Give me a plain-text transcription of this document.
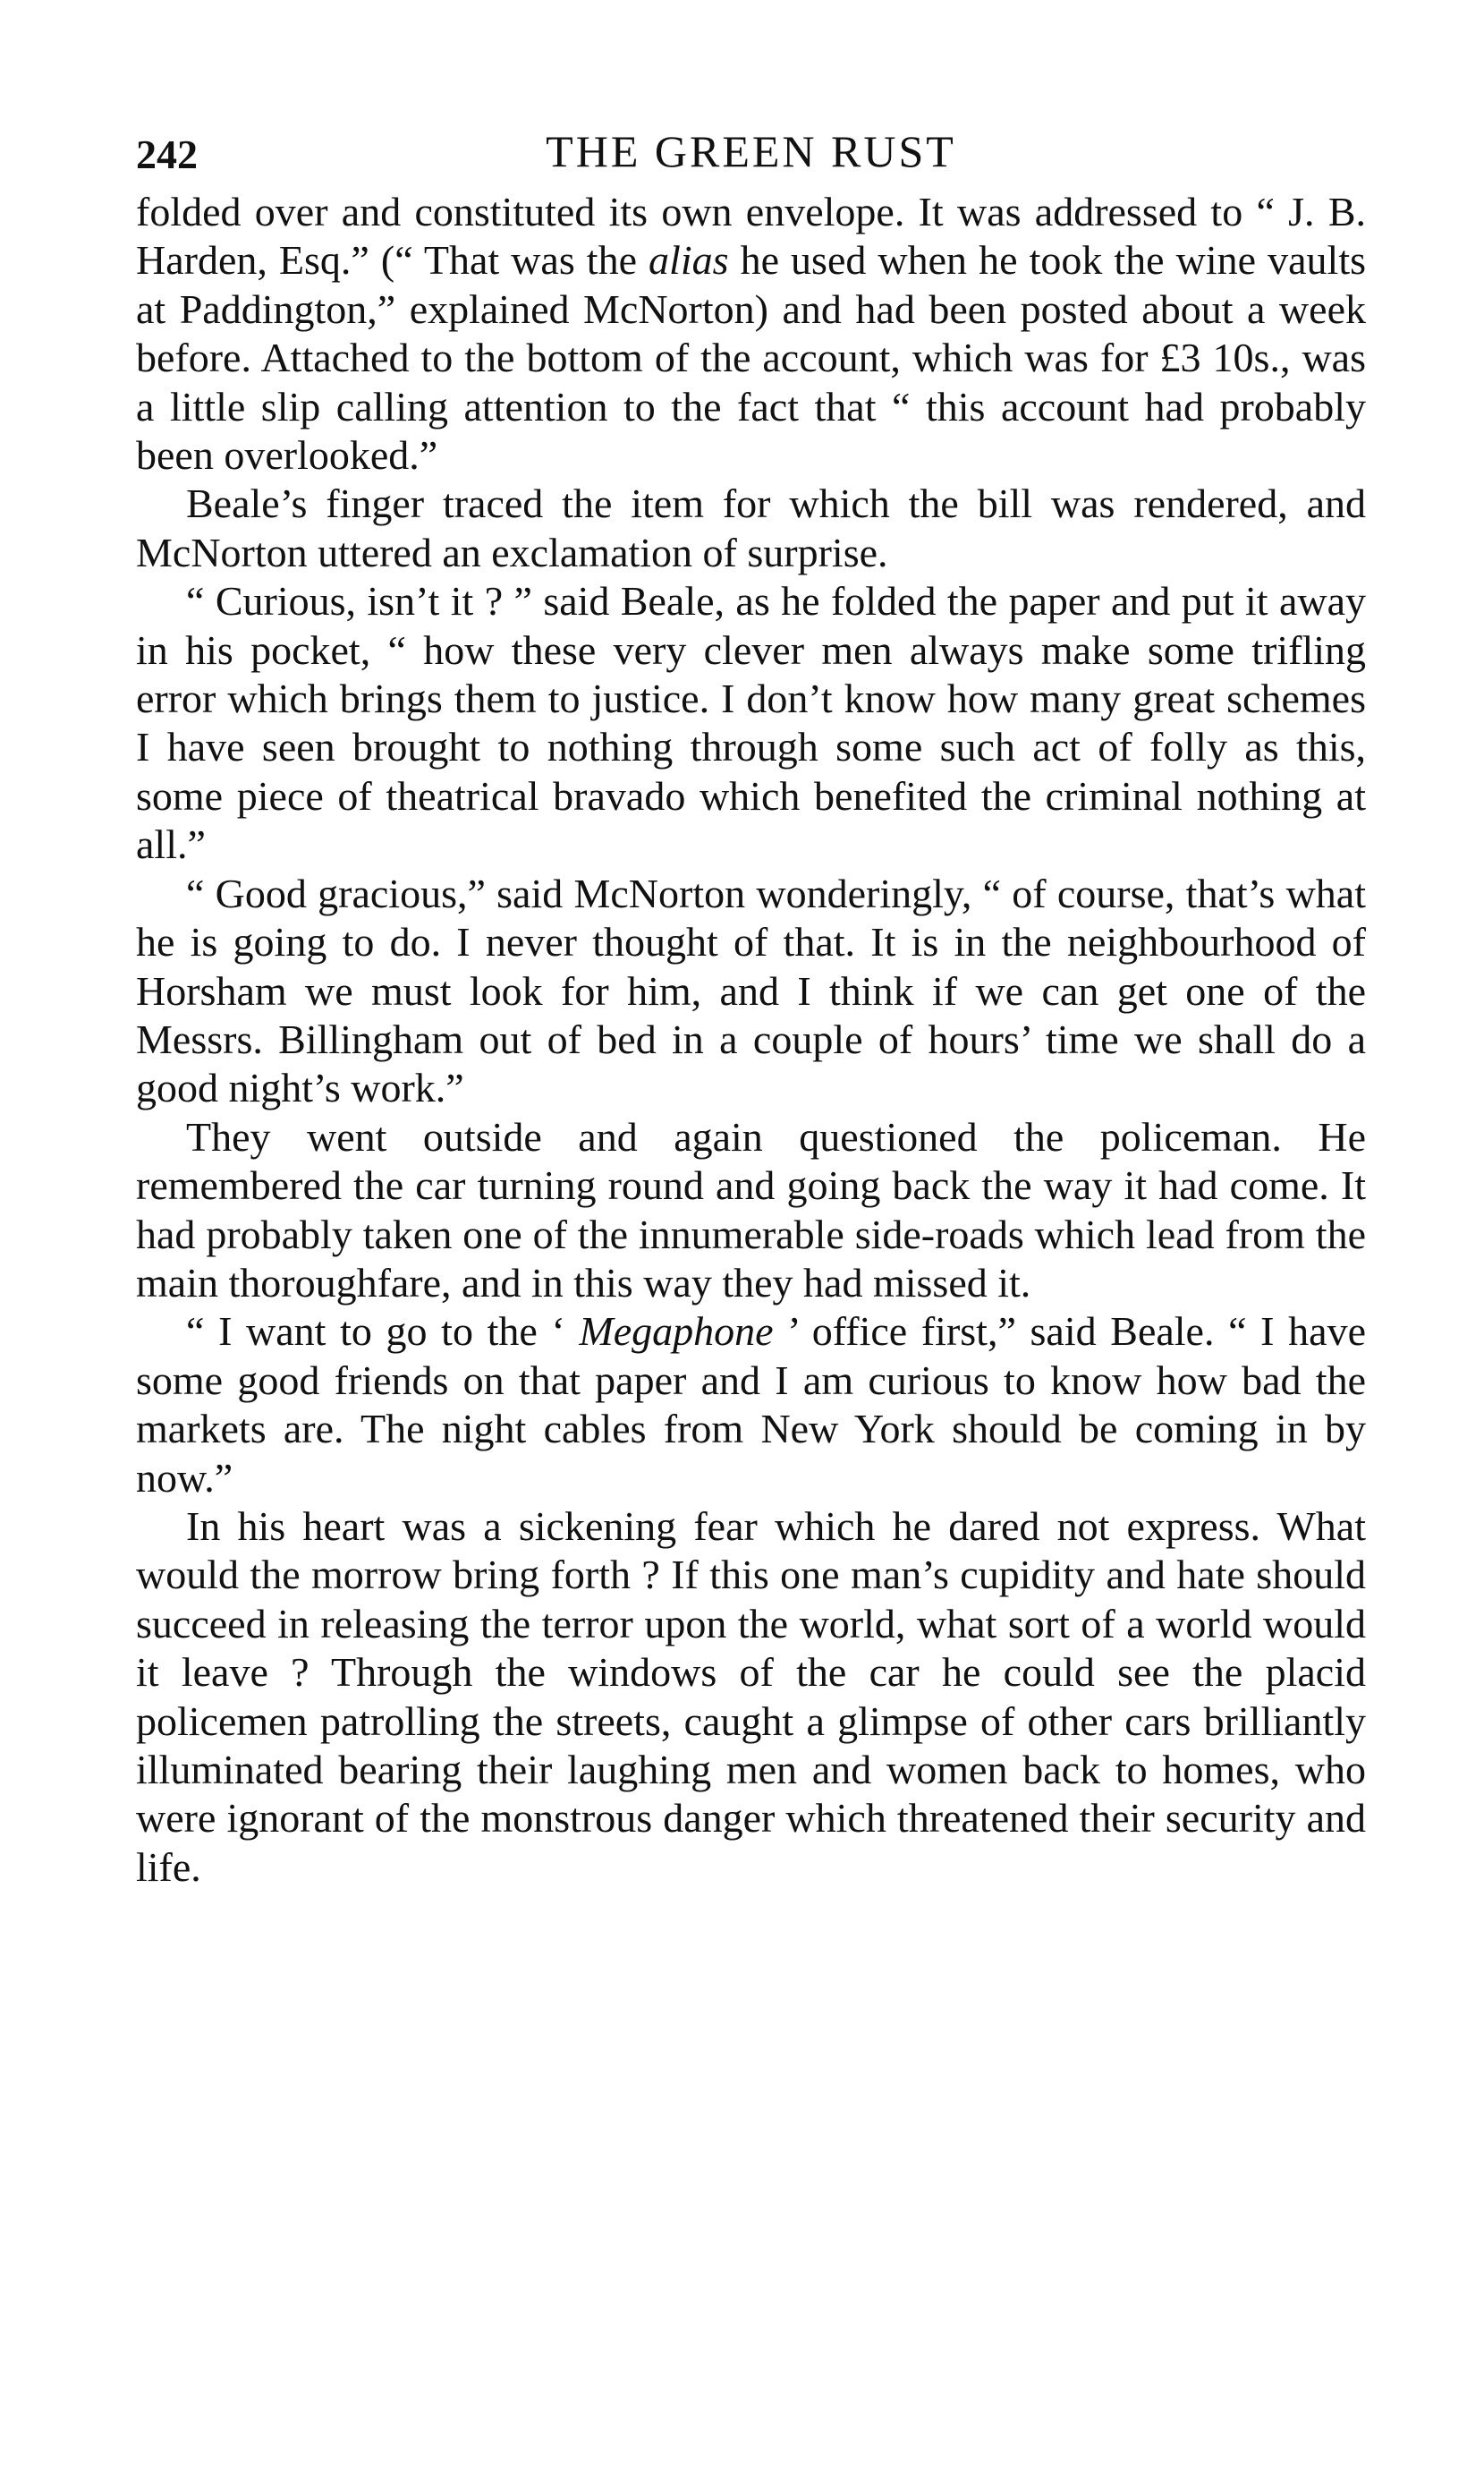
242	THE GREEN RUST

folded over and constituted its own envelope. It was addressed to “ J. B. Harden, Esq.” (“ That was the alias he used when he took the wine vaults at Paddington,” explained McNorton) and had been posted about a week before. Attached to the bottom of the account, which was for £3 10s., was a little slip calling attention to the fact that “ this account had probably been overlooked.”

Beale’s finger traced the item for which the bill was rendered, and McNorton uttered an exclamation of surprise.

“ Curious, isn’t it ? ” said Beale, as he folded the paper and put it away in his pocket, “ how these very clever men always make some trifling error which brings them to justice. I don’t know how many great schemes I have seen brought to nothing through some such act of folly as this, some piece of theatrical bravado which benefited the criminal nothing at all.”

“ Good gracious,” said McNorton wonderingly, “ of course, that’s what he is going to do. I never thought of that. It is in the neighbourhood of Horsham we must look for him, and I think if we can get one of the Messrs. Billingham out of bed in a couple of hours’ time we shall do a good night’s work.”

They went outside and again questioned the policeman. He remembered the car turning round and going back the way it had come. It had probably taken one of the innumerable side-roads which lead from the main thoroughfare, and in this way they had missed it.

“ I want to go to the ‘ Megaphone ’ office first,” said Beale. “ I have some good friends on that paper and I am curious to know how bad the markets are. The night cables from New York should be coming in by now.”

In his heart was a sickening fear which he dared not express. What would the morrow bring forth ? If this one man’s cupidity and hate should succeed in releasing the terror upon the world, what sort of a world would it leave ? Through the windows of the car he could see the placid policemen patrolling the streets, caught a glimpse of other cars brilliantly illuminated bearing their laughing men and women back to homes, who were ignorant of the monstrous danger which threatened their security and life.
